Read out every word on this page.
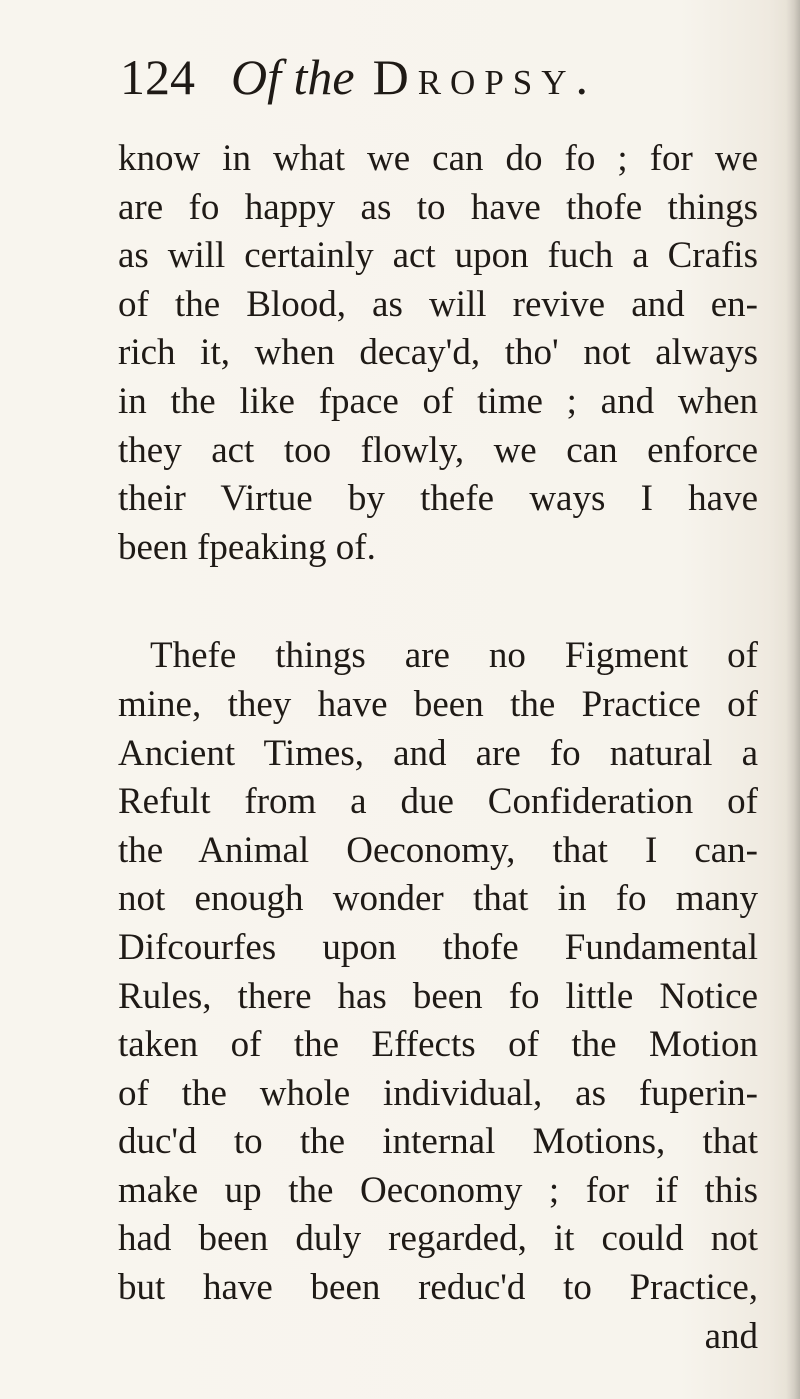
124 Of the Dropsy.
know in what we can do fo ; for we
are fo happy as to have thofe things
as will certainly act upon fuch a Crafis
of the Blood, as will revive and en-
rich it, when decay'd, tho' not always
in the like fpace of time ; and when
they act too flowly, we can enforce
their Virtue by thefe ways I have
been fpeaking of.
Thefe things are no Figment of
mine, they have been the Practice of
Ancient Times, and are fo natural a
Refult from a due Confideration of
the Animal Oeconomy, that I can-
not enough wonder that in fo many
Difcourfes upon thofe Fundamental
Rules, there has been fo little Notice
taken of the Effects of the Motion
of the whole individual, as fuperin-
duc'd to the internal Motions, that
make up the Oeconomy ; for if this
had been duly regarded, it could not
but have been reduc'd to Practice,
and
